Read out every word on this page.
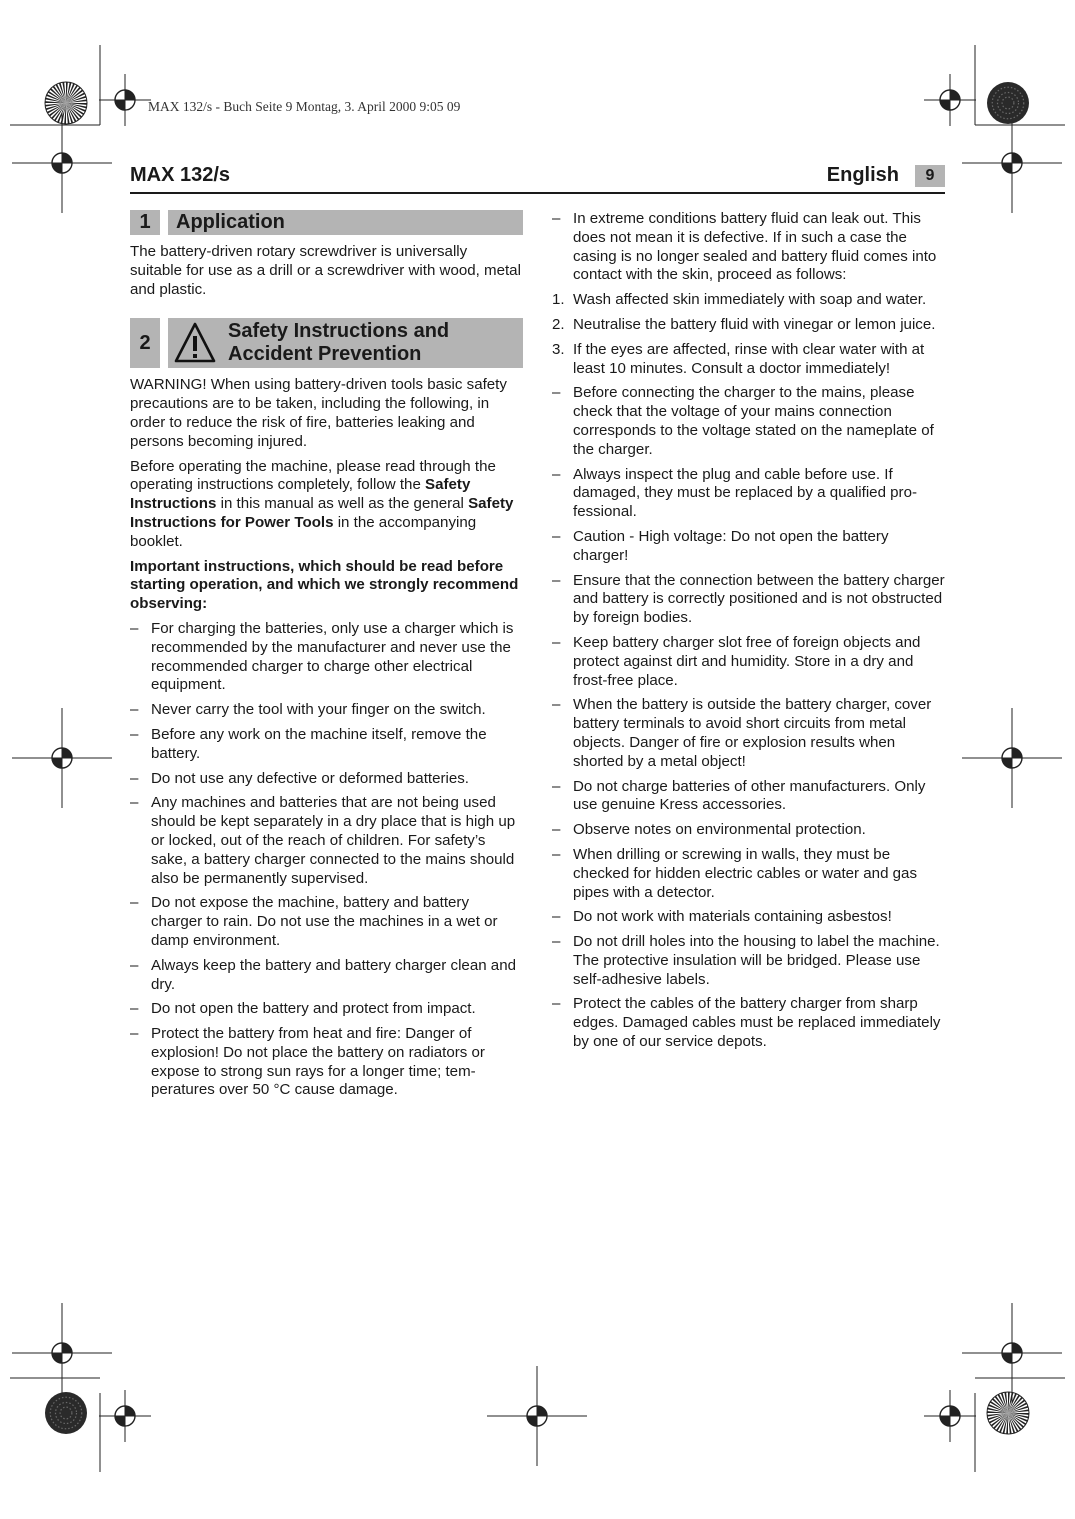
MAX 132/s - Buch Seite 9 Montag, 3. April 2000 9:05 09
MAX 132/s	English	9
1	Application

The battery-driven rotary screwdriver is universally suitable for use as a drill or a screwdriver with wood, metal and plastic.

2
Safety Instructions and
Accident Prevention

WARNING! When using battery-driven tools basic safety precautions are to be taken, including the following, in order to reduce the risk of fire, batteries leaking and persons becoming injured.

Before operating the machine, please read through the operating instructions completely, follow the Safety Instructions in this manual as well as the general Safety Instructions for Power Tools in the accompanying booklet.

Important instructions, which should be read before starting operation, and which we strongly recommend observing:

– For charging the batteries, only use a charger which is recommended by the manufacturer and never use the recommended charger to charge other electrical equipment.
– Never carry the tool with your finger on the switch.
– Before any work on the machine itself, remove the battery.
– Do not use any defective or deformed batteries.
– Any machines and batteries that are not being used should be kept separately in a dry place that is high up or locked, out of the reach of children. For safety’s sake, a battery charger connected to the mains should also be permanently supervised.
– Do not expose the machine, battery and battery charger to rain. Do not use the machines in a wet or damp environment.
– Always keep the battery and battery charger clean and dry.
– Do not open the battery and protect from impact.
– Protect the battery from heat and fire: Danger of explosion! Do not place the battery on radiators or expose to strong sun rays for a longer time; temperatures over 50 °C cause damage.
– In extreme conditions battery fluid can leak out. This does not mean it is defective. If in such a case the casing is no longer sealed and battery fluid comes into contact with the skin, proceed as follows:
1. Wash affected skin immediately with soap and water.
2. Neutralise the battery fluid with vinegar or lemon juice.
3. If the eyes are affected, rinse with clear water with at least 10 minutes. Consult a doctor immediately!
– Before connecting the charger to the mains, please check that the voltage of your mains connection corresponds to the voltage stated on the nameplate of the charger.
– Always inspect the plug and cable before use. If damaged, they must be replaced by a qualified professional.
– Caution - High voltage: Do not open the battery charger!
– Ensure that the connection between the battery charger and battery is correctly positioned and is not obstructed by foreign bodies.
– Keep battery charger slot free of foreign objects and protect against dirt and humidity. Store in a dry and frost-free place.
– When the battery is outside the battery charger, cover battery terminals to avoid short circuits from metal objects. Danger of fire or explosion results when shorted by a metal object!
– Do not charge batteries of other manufacturers. Only use genuine Kress accessories.
– Observe notes on environmental protection.
– When drilling or screwing in walls, they must be checked for hidden electric cables or water and gas pipes with a detector.
– Do not work with materials containing asbestos!
– Do not drill holes into the housing to label the machine. The protective insulation will be bridged. Please use self-adhesive labels.
– Protect the cables of the battery charger from sharp edges. Damaged cables must be replaced immediately by one of our service depots.
